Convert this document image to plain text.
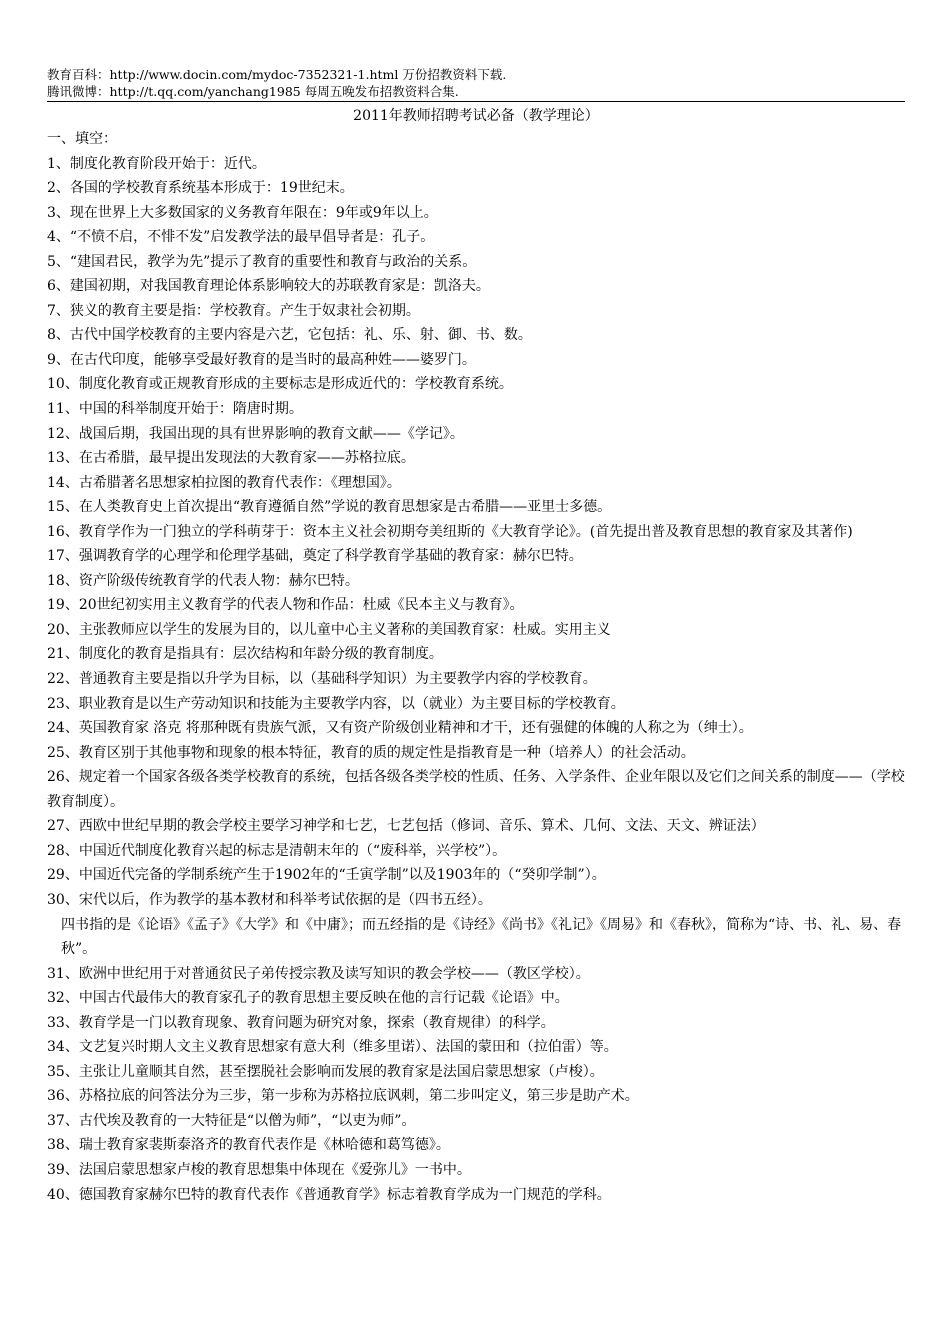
教育百科：http://www.docin.com/mydoc-7352321-1.html 万份招教资料下载.
腾讯微博：http://t.qq.com/yanchang1985 每周五晚发布招教资料合集.
2011年教师招聘考试必备（教学理论）
一、填空：
1、制度化教育阶段开始于：近代。
2、各国的学校教育系统基本形成于：19世纪末。
3、现在世界上大多数国家的义务教育年限在：9年或9年以上。
4、“不愤不启，不悱不发”启发教学法的最早倡导者是：孔子。
5、“建国君民，教学为先”提示了教育的重要性和教育与政治的关系。
6、建国初期，对我国教育理论体系影响较大的苏联教育家是：凯洛夫。
7、狭义的教育主要是指：学校教育。产生于奴隶社会初期。
8、古代中国学校教育的主要内容是六艺，它包括：礼、乐、射、御、书、数。
9、在古代印度，能够享受最好教育的是当时的最高种姓——婆罗门。
10、制度化教育或正规教育形成的主要标志是形成近代的：学校教育系统。
11、中国的科举制度开始于：隋唐时期。
12、战国后期，我国出现的具有世界影响的教育文献——《学记》。
13、在古希腊，最早提出发现法的大教育家——苏格拉底。
14、古希腊著名思想家柏拉图的教育代表作：《理想国》。
15、在人类教育史上首次提出“教育遵循自然”学说的教育思想家是古希腊——亚里士多德。
16、教育学作为一门独立的学科萌芽于：资本主义社会初期夸美纽斯的《大教育学论》。(首先提出普及教育思想的教育家及其著作)
17、强调教育学的心理学和伦理学基础，奠定了科学教育学基础的教育家：赫尔巴特。
18、资产阶级传统教育学的代表人物：赫尔巴特。
19、20世纪初实用主义教育学的代表人物和作品：杜威《民本主义与教育》。
20、主张教师应以学生的发展为目的，以儿童中心主义著称的美国教育家：杜威。实用主义
21、制度化的教育是指具有：层次结构和年龄分级的教育制度。
22、普通教育主要是指以升学为目标，以（基础科学知识）为主要教学内容的学校教育。
23、职业教育是以生产劳动知识和技能为主要教学内容，以（就业）为主要目标的学校教育。
24、英国教育家 洛克 将那种既有贵族气派，又有资产阶级创业精神和才干，还有强健的体魄的人称之为（绅士）。
25、教育区别于其他事物和现象的根本特征，教育的质的规定性是指教育是一种（培养人）的社会活动。
26、规定着一个国家各级各类学校教育的系统，包括各级各类学校的性质、任务、入学条件、企业年限以及它们之间关系的制度——（学校教育制度）。
27、西欧中世纪早期的教会学校主要学习神学和七艺，七艺包括（修词、音乐、算术、几何、文法、天文、辨证法）
28、中国近代制度化教育兴起的标志是清朝末年的（“废科举，兴学校”）。
29、中国近代完备的学制系统产生于1902年的“壬寅学制”以及1903年的（“癸卯学制”）。
30、宋代以后，作为教学的基本教材和科举考试依据的是（四书五经）。
四书指的是《论语》《孟子》《大学》和《中庸》；而五经指的是《诗经》《尚书》《礼记》《周易》和《春秋》，简称为“诗、书、礼、易、春秋”。
31、欧洲中世纪用于对普通贫民子弟传授宗教及读写知识的教会学校——（教区学校）。
32、中国古代最伟大的教育家孔子的教育思想主要反映在他的言行记载《论语》中。
33、教育学是一门以教育现象、教育问题为研究对象，探索（教育规律）的科学。
34、文艺复兴时期人文主义教育思想家有意大利（维多里诺）、法国的蒙田和（拉伯雷）等。
35、主张让儿童顺其自然，甚至摆脱社会影响而发展的教育家是法国启蒙思想家（卢梭）。
36、苏格拉底的问答法分为三步，第一步称为苏格拉底讽刺，第二步叫定义，第三步是助产术。
37、古代埃及教育的一大特征是“以僧为师”，“以吏为师”。
38、瑞士教育家裴斯泰洛齐的教育代表作是《林哈德和葛笃德》。
39、法国启蒙思想家卢梭的教育思想集中体现在《爱弥儿》一书中。
40、德国教育家赫尔巴特的教育代表作《普通教育学》标志着教育学成为一门规范的学科。
